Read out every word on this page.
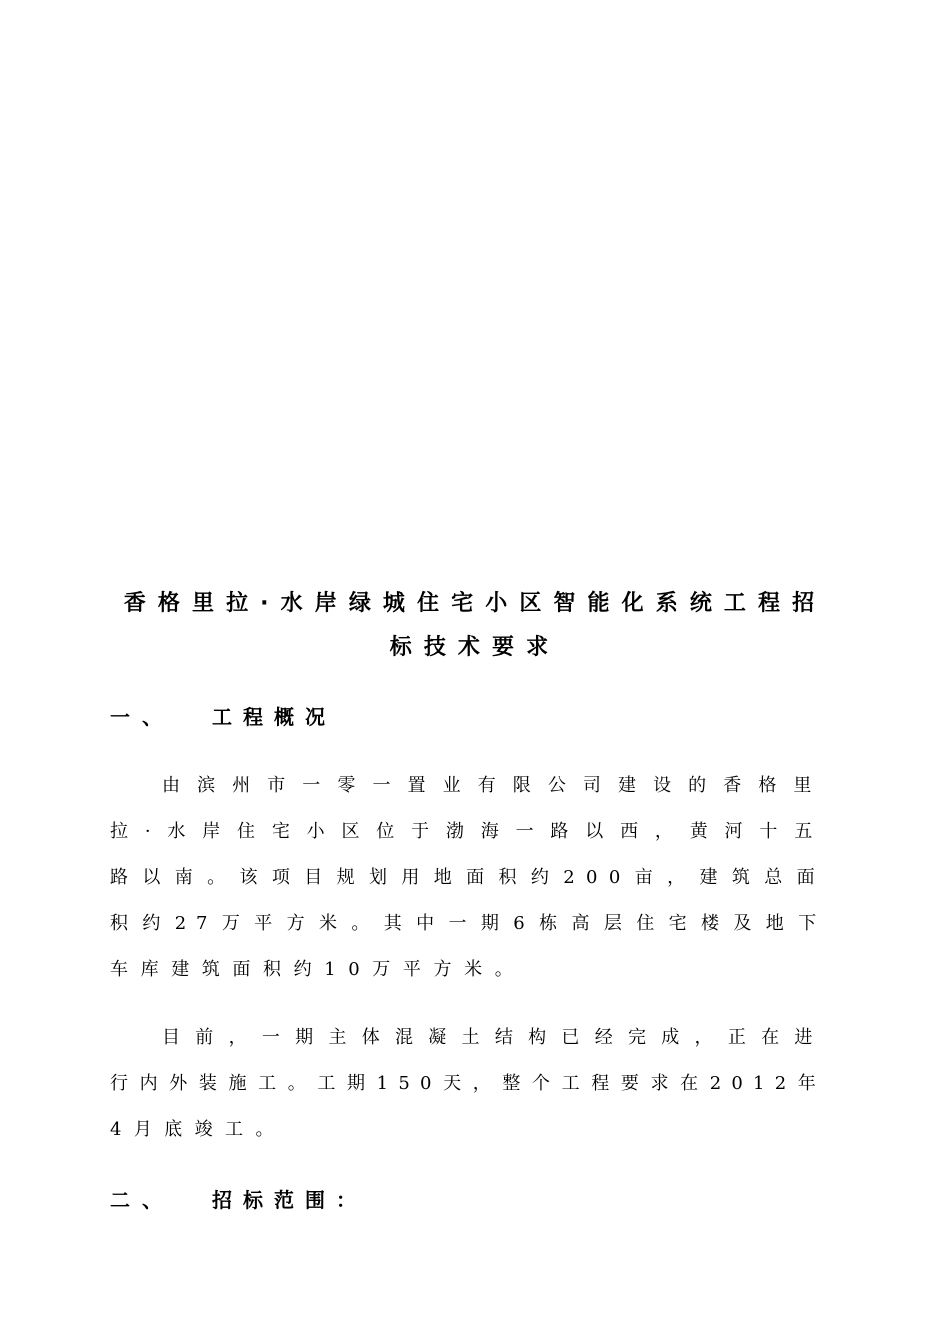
香格里拉·水岸绿城住宅小区智能化系统工程招
标技术要求
一、 工程概况
由滨州市一零一置业有限公司建设的香格里
拉·水岸住宅小区位于渤海一路以西，黄河十五
路以南。该项目规划用地面积约200亩，建筑总面
积约27万平方米。其中一期6栋高层住宅楼及地下
车库建筑面积约10万平方米。
目前，一期主体混凝土结构已经完成，正在进
行内外装施工。工期150天，整个工程要求在2012年
4月底竣工。
二、 招标范围：
